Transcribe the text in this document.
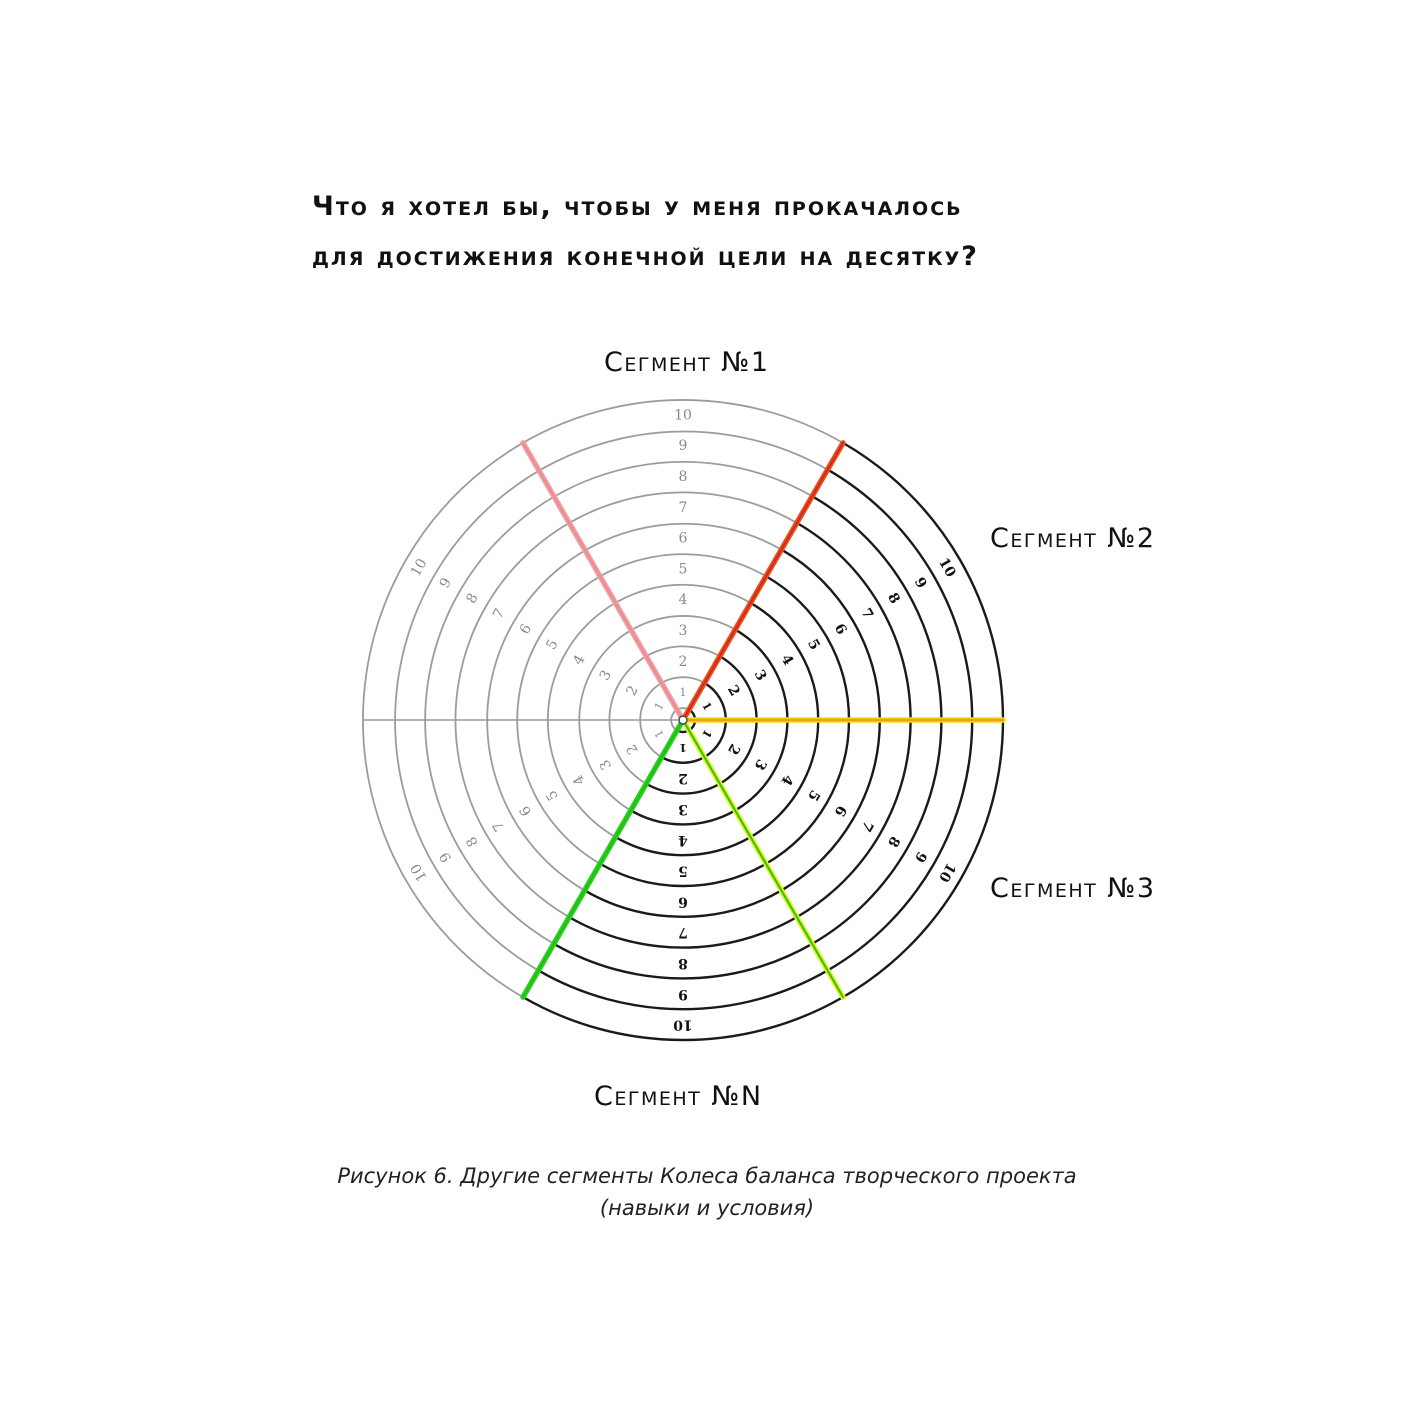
Что я хотел бы, чтобы у меня прокачалось
для достижения конечной цели на десятку?
Сегмент №1
Сегмент №2
Сегмент №3
Сегмент №N
1
2
3
4
5
6
7
8
9
10
1
2
3
4
5
6
7
8
9
10
1
2
3
4
5
6
7
8
9
10
1
2
3
4
5
6
7
8
9
10
1
2
3
4
5
6
7
8
9
10
1
2
3
4
5
6
7
8
9
10
Рисунок 6. Другие сегменты Колеса баланса творческого проекта
(навыки и условия)
